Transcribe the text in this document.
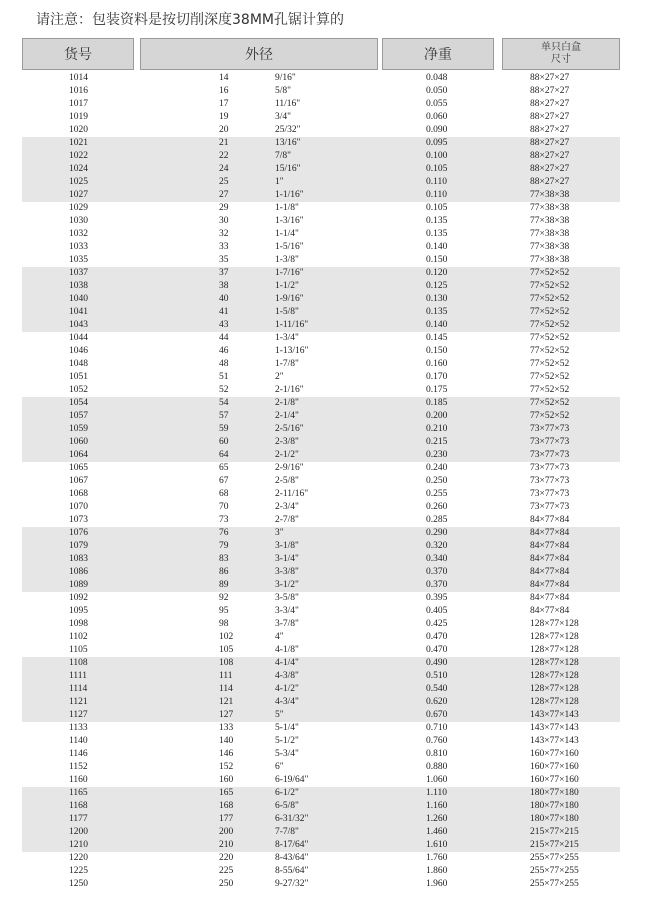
请注意：包装资料是按切削深度38MM孔锯计算的
货号	外径	净重	单只白盒
尺寸
1014	14	9/16"	0.048	88×27×27
1016	16	5/8"	0.050	88×27×27
1017	17	11/16"	0.055	88×27×27
1019	19	3/4"	0.060	88×27×27
1020	20	25/32"	0.090	88×27×27
1021	21	13/16"	0.095	88×27×27
1022	22	7/8"	0.100	88×27×27
1024	24	15/16"	0.105	88×27×27
1025	25	1"	0.110	88×27×27
1027	27	1-1/16"	0.110	77×38×38
1029	29	1-1/8"	0.105	77×38×38
1030	30	1-3/16"	0.135	77×38×38
1032	32	1-1/4"	0.135	77×38×38
1033	33	1-5/16"	0.140	77×38×38
1035	35	1-3/8"	0.150	77×38×38
1037	37	1-7/16"	0.120	77×52×52
1038	38	1-1/2"	0.125	77×52×52
1040	40	1-9/16"	0.130	77×52×52
1041	41	1-5/8"	0.135	77×52×52
1043	43	1-11/16"	0.140	77×52×52
1044	44	1-3/4"	0.145	77×52×52
1046	46	1-13/16"	0.150	77×52×52
1048	48	1-7/8"	0.160	77×52×52
1051	51	2"	0.170	77×52×52
1052	52	2-1/16"	0.175	77×52×52
1054	54	2-1/8"	0.185	77×52×52
1057	57	2-1/4"	0.200	77×52×52
1059	59	2-5/16"	0.210	73×77×73
1060	60	2-3/8"	0.215	73×77×73
1064	64	2-1/2"	0.230	73×77×73
1065	65	2-9/16"	0.240	73×77×73
1067	67	2-5/8"	0.250	73×77×73
1068	68	2-11/16"	0.255	73×77×73
1070	70	2-3/4"	0.260	73×77×73
1073	73	2-7/8"	0.285	84×77×84
1076	76	3"	0.290	84×77×84
1079	79	3-1/8"	0.320	84×77×84
1083	83	3-1/4"	0.340	84×77×84
1086	86	3-3/8"	0.370	84×77×84
1089	89	3-1/2"	0.370	84×77×84
1092	92	3-5/8"	0.395	84×77×84
1095	95	3-3/4"	0.405	84×77×84
1098	98	3-7/8"	0.425	128×77×128
1102	102	4"	0.470	128×77×128
1105	105	4-1/8"	0.470	128×77×128
1108	108	4-1/4"	0.490	128×77×128
1111	111	4-3/8"	0.510	128×77×128
1114	114	4-1/2"	0.540	128×77×128
1121	121	4-3/4"	0.620	128×77×128
1127	127	5"	0.670	143×77×143
1133	133	5-1/4"	0.710	143×77×143
1140	140	5-1/2"	0.760	143×77×143
1146	146	5-3/4"	0.810	160×77×160
1152	152	6"	0.880	160×77×160
1160	160	6-19/64"	1.060	160×77×160
1165	165	6-1/2"	1.110	180×77×180
1168	168	6-5/8"	1.160	180×77×180
1177	177	6-31/32"	1.260	180×77×180
1200	200	7-7/8"	1.460	215×77×215
1210	210	8-17/64"	1.610	215×77×215
1220	220	8-43/64"	1.760	255×77×255
1225	225	8-55/64"	1.860	255×77×255
1250	250	9-27/32"	1.960	255×77×255
